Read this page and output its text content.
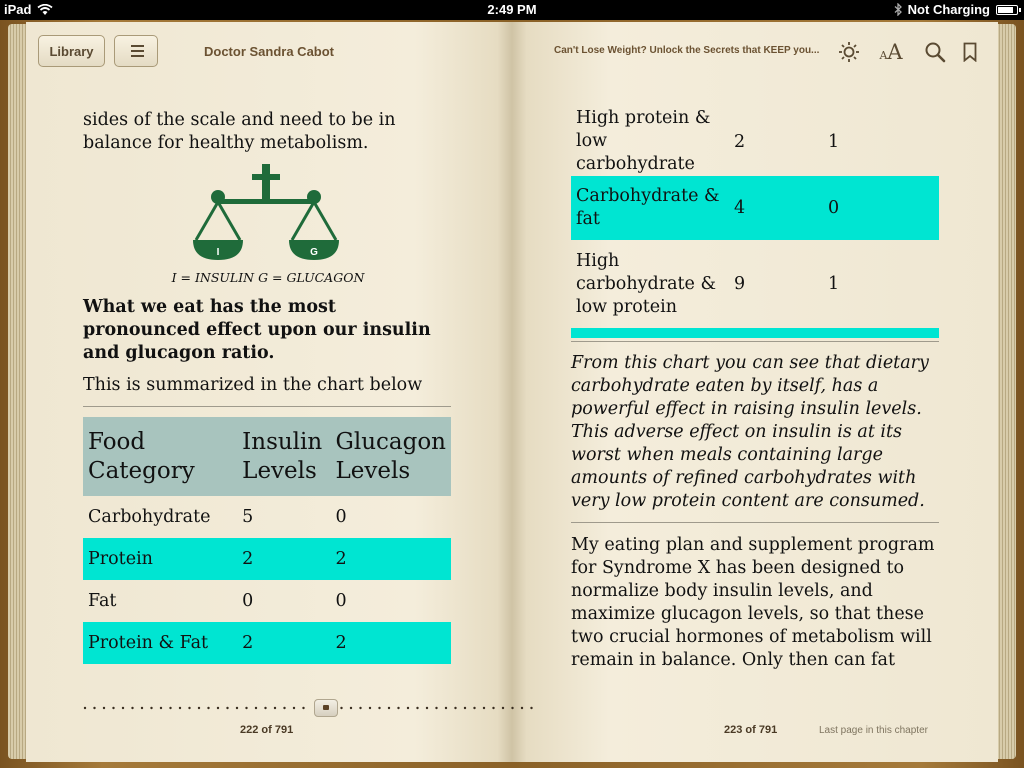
iPad	2:49 PM	Not Charging
Library	Doctor Sandra Cabot	Can't Lose Weight? Unlock the Secrets that KEEP you...	AA
sides of the scale and need to be in balance for healthy metabolism.
I	G
I = INSULIN G = GLUCAGON
What we eat has the most pronounced effect upon our insulin and glucagon ratio.
This is summarized in the chart below
Food Category	Insulin Levels	Glucagon Levels
Carbohydrate	5	0
Protein	2	2
Fat	0	0
Protein & Fat	2	2
High protein & low carbohydrate	2	1
Carbohydrate & fat	4	0
High carbohydrate & low protein	9	1

From this chart you can see that dietary carbohydrate eaten by itself, has a powerful effect in raising insulin levels. This adverse effect on insulin is at its worst when meals containing large amounts of refined carbohydrates with very low protein content are consumed.
My eating plan and supplement program for Syndrome X has been designed to normalize body insulin levels, and maximize glucagon levels, so that these two crucial hormones of metabolism will remain in balance. Only then can fat
222 of 791	223 of 791	Last page in this chapter
